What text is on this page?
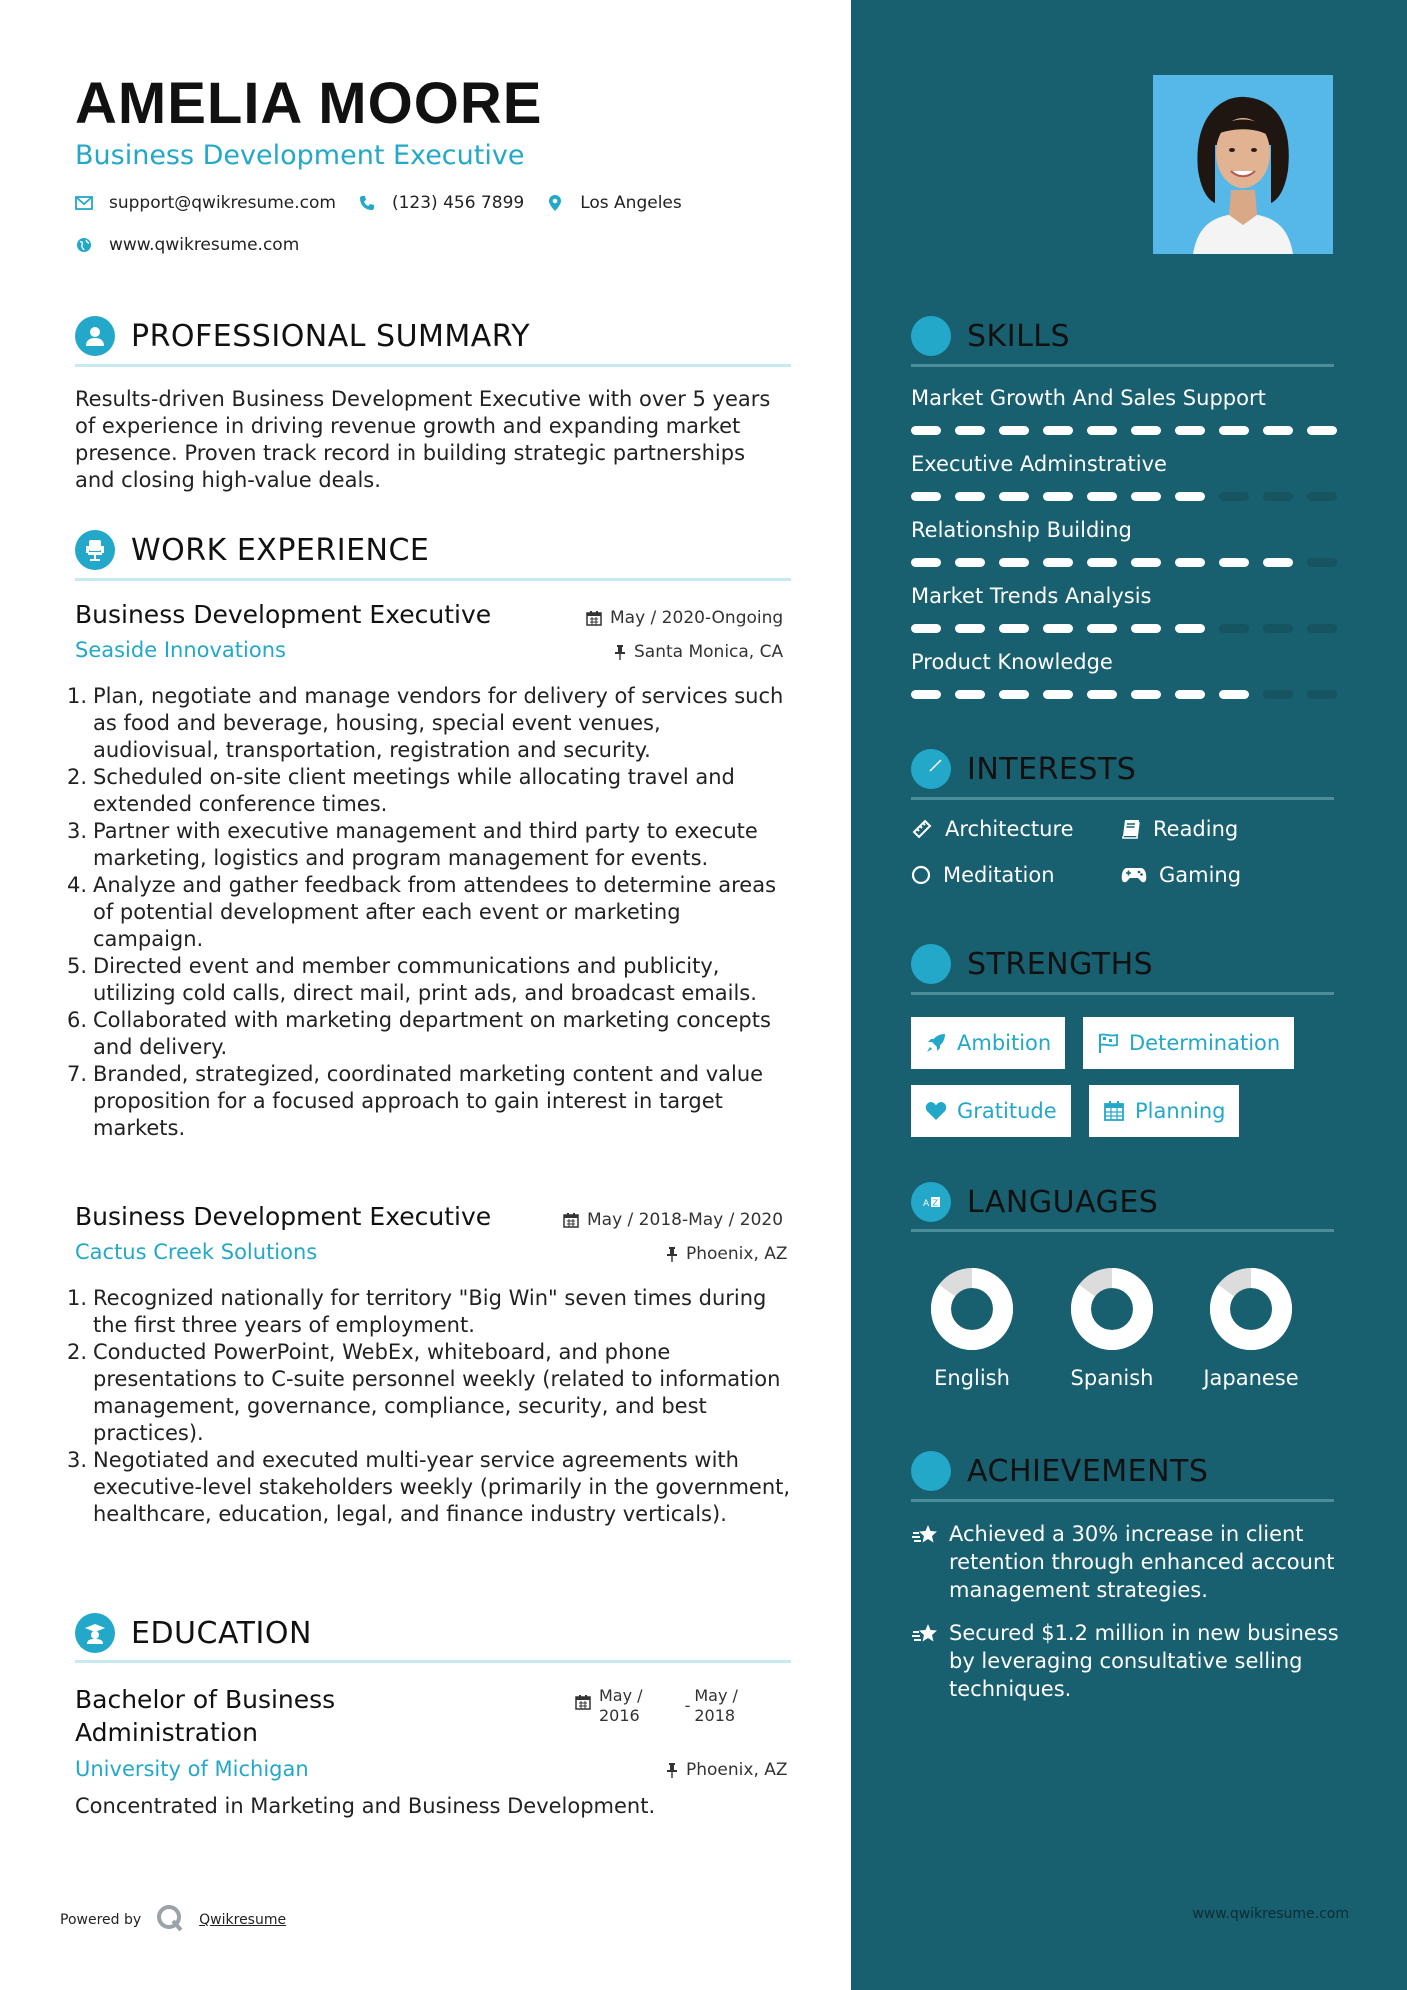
AMELIA MOORE
Business Development Executive
support@qwikresume.com	(123) 456 7899	Los Angeles
www.qwikresume.com
PROFESSIONAL SUMMARY
Results-driven Business Development Executive with over 5 years of experience in driving revenue growth and expanding market presence. Proven track record in building strategic partnerships and closing high-value deals.
WORK EXPERIENCE
Business Development Executive	May / 2020-Ongoing
Seaside Innovations	Santa Monica, CA
1. Plan, negotiate and manage vendors for delivery of services such as food and beverage, housing, special event venues, audiovisual, transportation, registration and security.
2. Scheduled on-site client meetings while allocating travel and extended conference times.
3. Partner with executive management and third party to execute marketing, logistics and program management for events.
4. Analyze and gather feedback from attendees to determine areas of potential development after each event or marketing campaign.
5. Directed event and member communications and publicity, utilizing cold calls, direct mail, print ads, and broadcast emails.
6. Collaborated with marketing department on marketing concepts and delivery.
7. Branded, strategized, coordinated marketing content and value proposition for a focused approach to gain interest in target markets.
Business Development Executive	May / 2018-May / 2020
Cactus Creek Solutions	Phoenix, AZ
1. Recognized nationally for territory "Big Win" seven times during the first three years of employment.
2. Conducted PowerPoint, WebEx, whiteboard, and phone presentations to C-suite personnel weekly (related to information management, governance, compliance, security, and best practices).
3. Negotiated and executed multi-year service agreements with executive-level stakeholders weekly (primarily in the government, healthcare, education, legal, and finance industry verticals).
EDUCATION
Bachelor of Business
Administration
May /
2016
-
May /
2018
University of Michigan	Phoenix, AZ
Concentrated in Marketing and Business Development.
Powered by	Qwikresume
SKILLS
Market Growth And Sales Support
Executive Adminstrative
Relationship Building
Market Trends Analysis
Product Knowledge
INTERESTS
Architecture	Reading
Meditation	Gaming
STRENGTHS
Ambition	Determination
Gratitude	Planning
A Z LANGUAGES
English	Spanish	Japanese
ACHIEVEMENTS
Achieved a 30% increase in client retention through enhanced account management strategies.
Secured $1.2 million in new business by leveraging consultative selling techniques.
www.qwikresume.com
